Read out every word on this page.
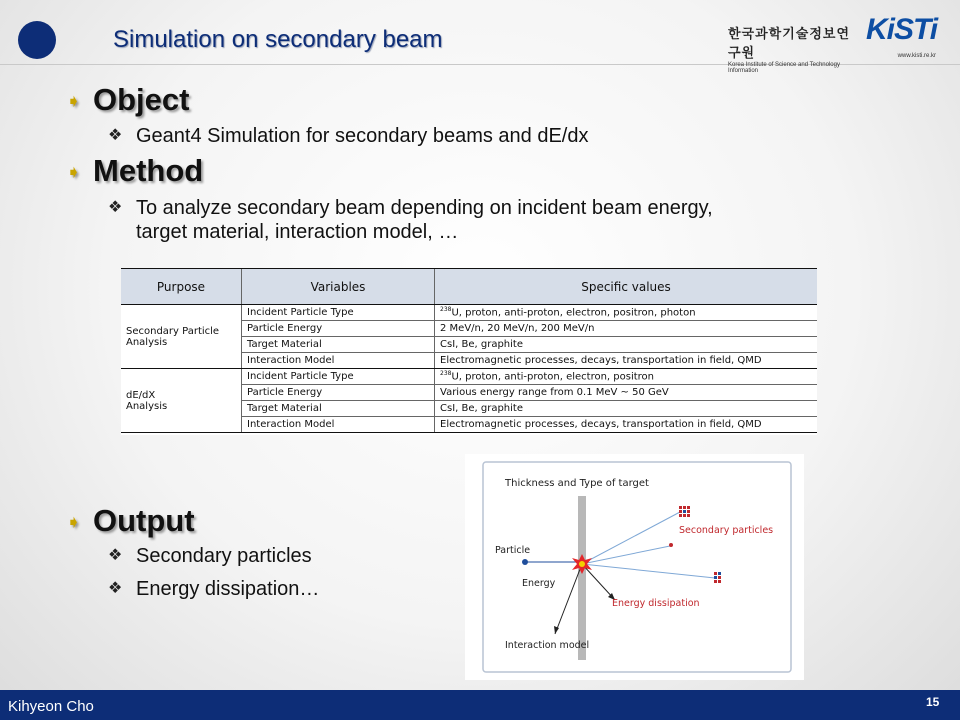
Simulation on secondary beam	한국과학기술정보연구원
Korea Institute of Science and Technology Information
KiSTi
www.kisti.re.kr
➧ Object
❖ Geant4 Simulation for secondary beams and dE/dx
➧ Method
❖ To analyze secondary beam depending on incident beam energy,
target material, interaction model, …
Purpose	Variables	Specific values
Secondary Particle
Analysis	Incident Particle Type	$^{238}$U, proton, anti-proton, electron, positron, photon
	Particle Energy	2 MeV/n, 20 MeV/n, 200 MeV/n
	Target Material	CsI, Be, graphite
	Interaction Model	Electromagnetic processes, decays, transportation in field, QMD
dE/dX
Analysis	Incident Particle Type	$^{238}$U, proton, anti-proton, electron, positron
	Particle Energy	Various energy range from 0.1 MeV ~ 50 GeV
	Target Material	CsI, Be, graphite
	Interaction Model	Electromagnetic processes, decays, transportation in field, QMD
➧ Output
❖ Secondary particles
❖ Energy dissipation…
Thickness and Type of target
Particle
Energy
Secondary particles
Energy dissipation
Interaction model
Kihyeon Cho	15
